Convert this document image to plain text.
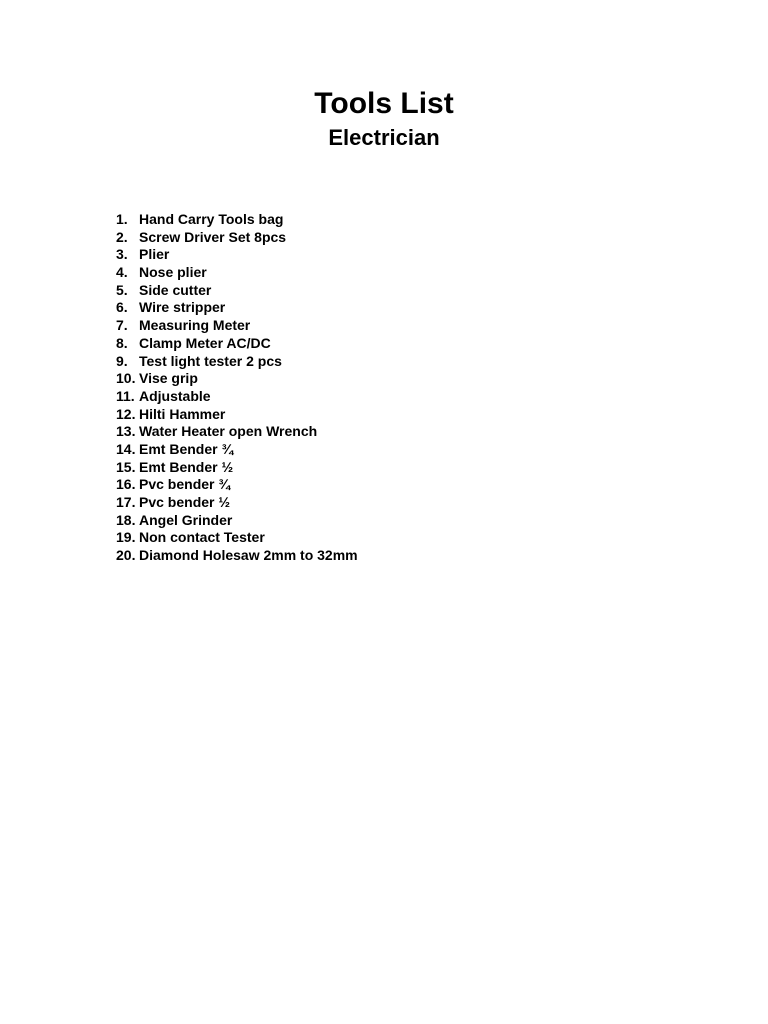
Tools List
Electrician
1. Hand Carry Tools bag
2. Screw Driver Set 8pcs
3. Plier
4. Nose plier
5. Side cutter
6. Wire stripper
7. Measuring Meter
8. Clamp Meter AC/DC
9. Test light tester 2 pcs
10. Vise grip
11. Adjustable
12. Hilti Hammer
13. Water Heater open Wrench
14. Emt Bender ¾
15. Emt Bender ½
16. Pvc bender ¾
17. Pvc bender ½
18. Angel Grinder
19. Non contact Tester
20. Diamond Holesaw 2mm to 32mm
